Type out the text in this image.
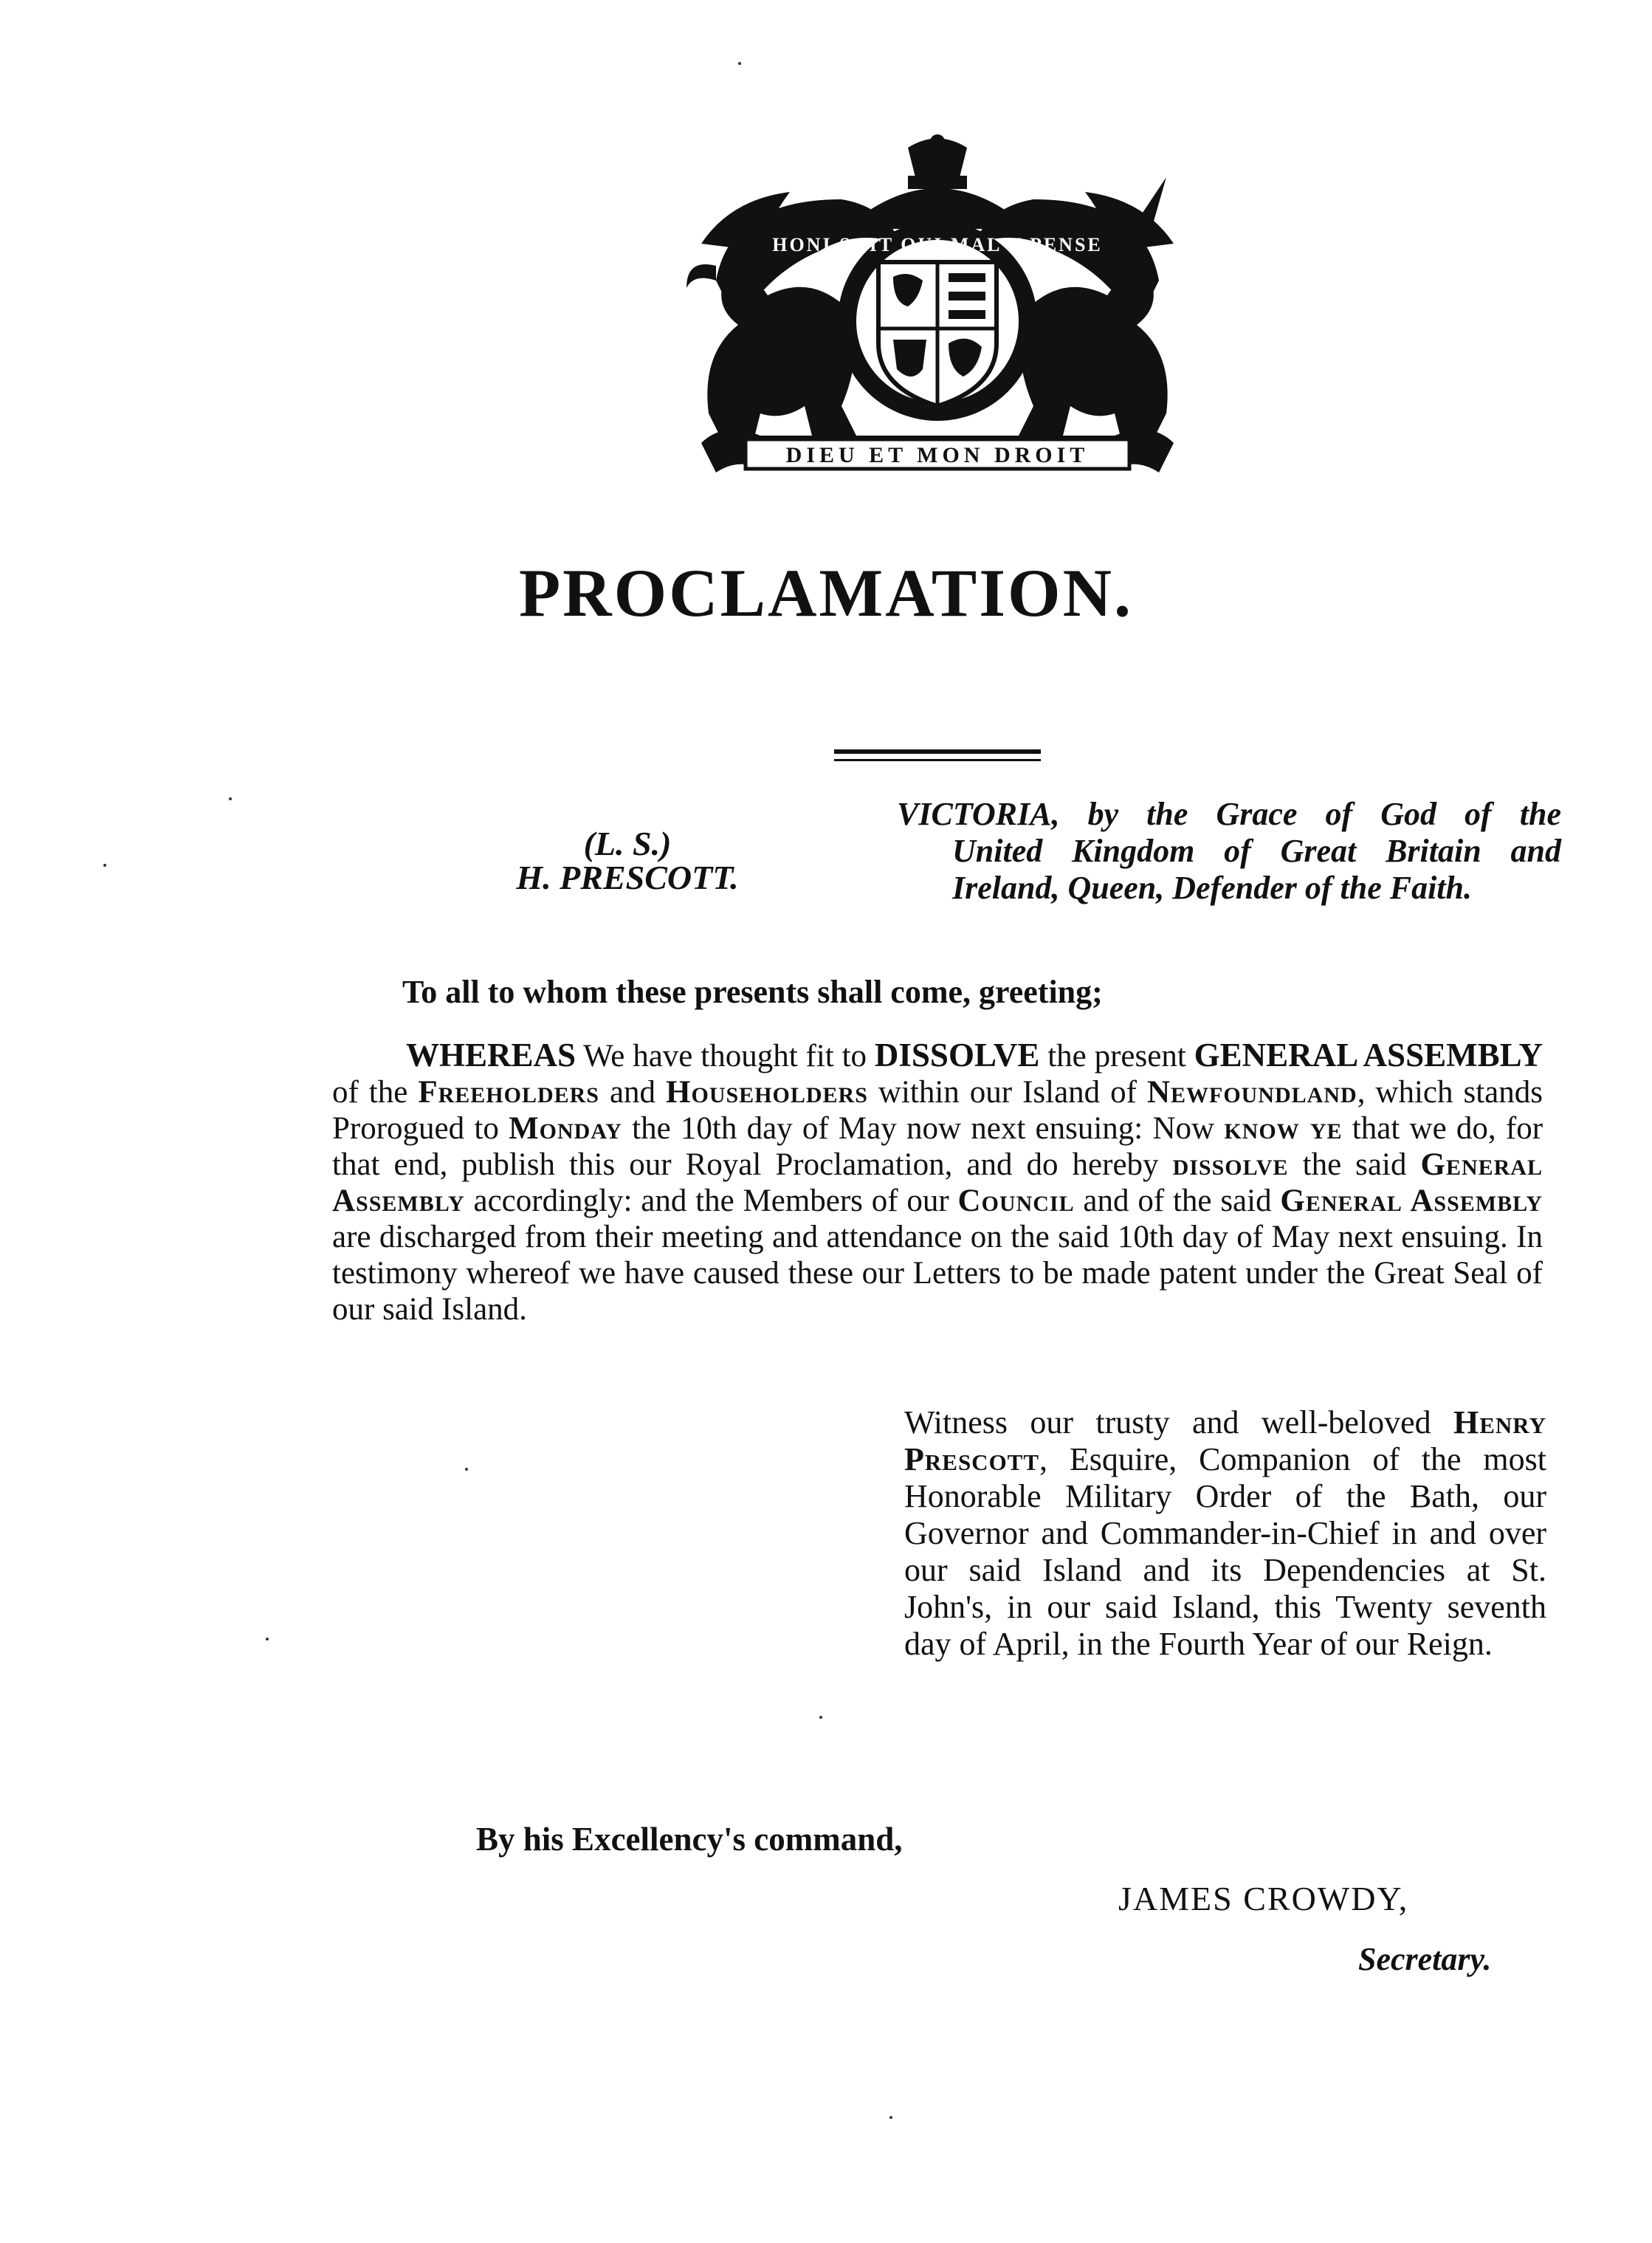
HONI SOIT QUI MAL Y PENSE
DIEU ET MON DROIT
PROCLAMATION.
(L. S.)
H. PRESCOTT.
VICTORIA, by the Grace of God of the
United Kingdom of Great Britain and Ireland, Queen, Defender of the Faith.
To all to whom these presents shall come, greeting;
WHEREAS We have thought fit to DISSOLVE the present GENERAL ASSEMBLY of the Freeholders and Householders within our Island of Newfoundland, which stands Prorogued to Monday the 10th day of May now next ensuing: Now know ye that we do, for that end, publish this our Royal Proclamation, and do hereby dissolve the said General Assembly accordingly: and the Members of our Council and of the said General Assembly are discharged from their meeting and attendance on the said 10th day of May next ensuing. In testimony whereof we have caused these our Letters to be made patent under the Great Seal of our said Island.
Witness our trusty and well-beloved Henry Prescott, Esquire, Companion of the most Honorable Military Order of the Bath, our Governor and Commander-in-Chief in and over our said Island and its Dependencies at St. John's, in our said Island, this Twenty seventh day of April, in the Fourth Year of our Reign.
By his Excellency's command,
JAMES CROWDY,
Secretary.
